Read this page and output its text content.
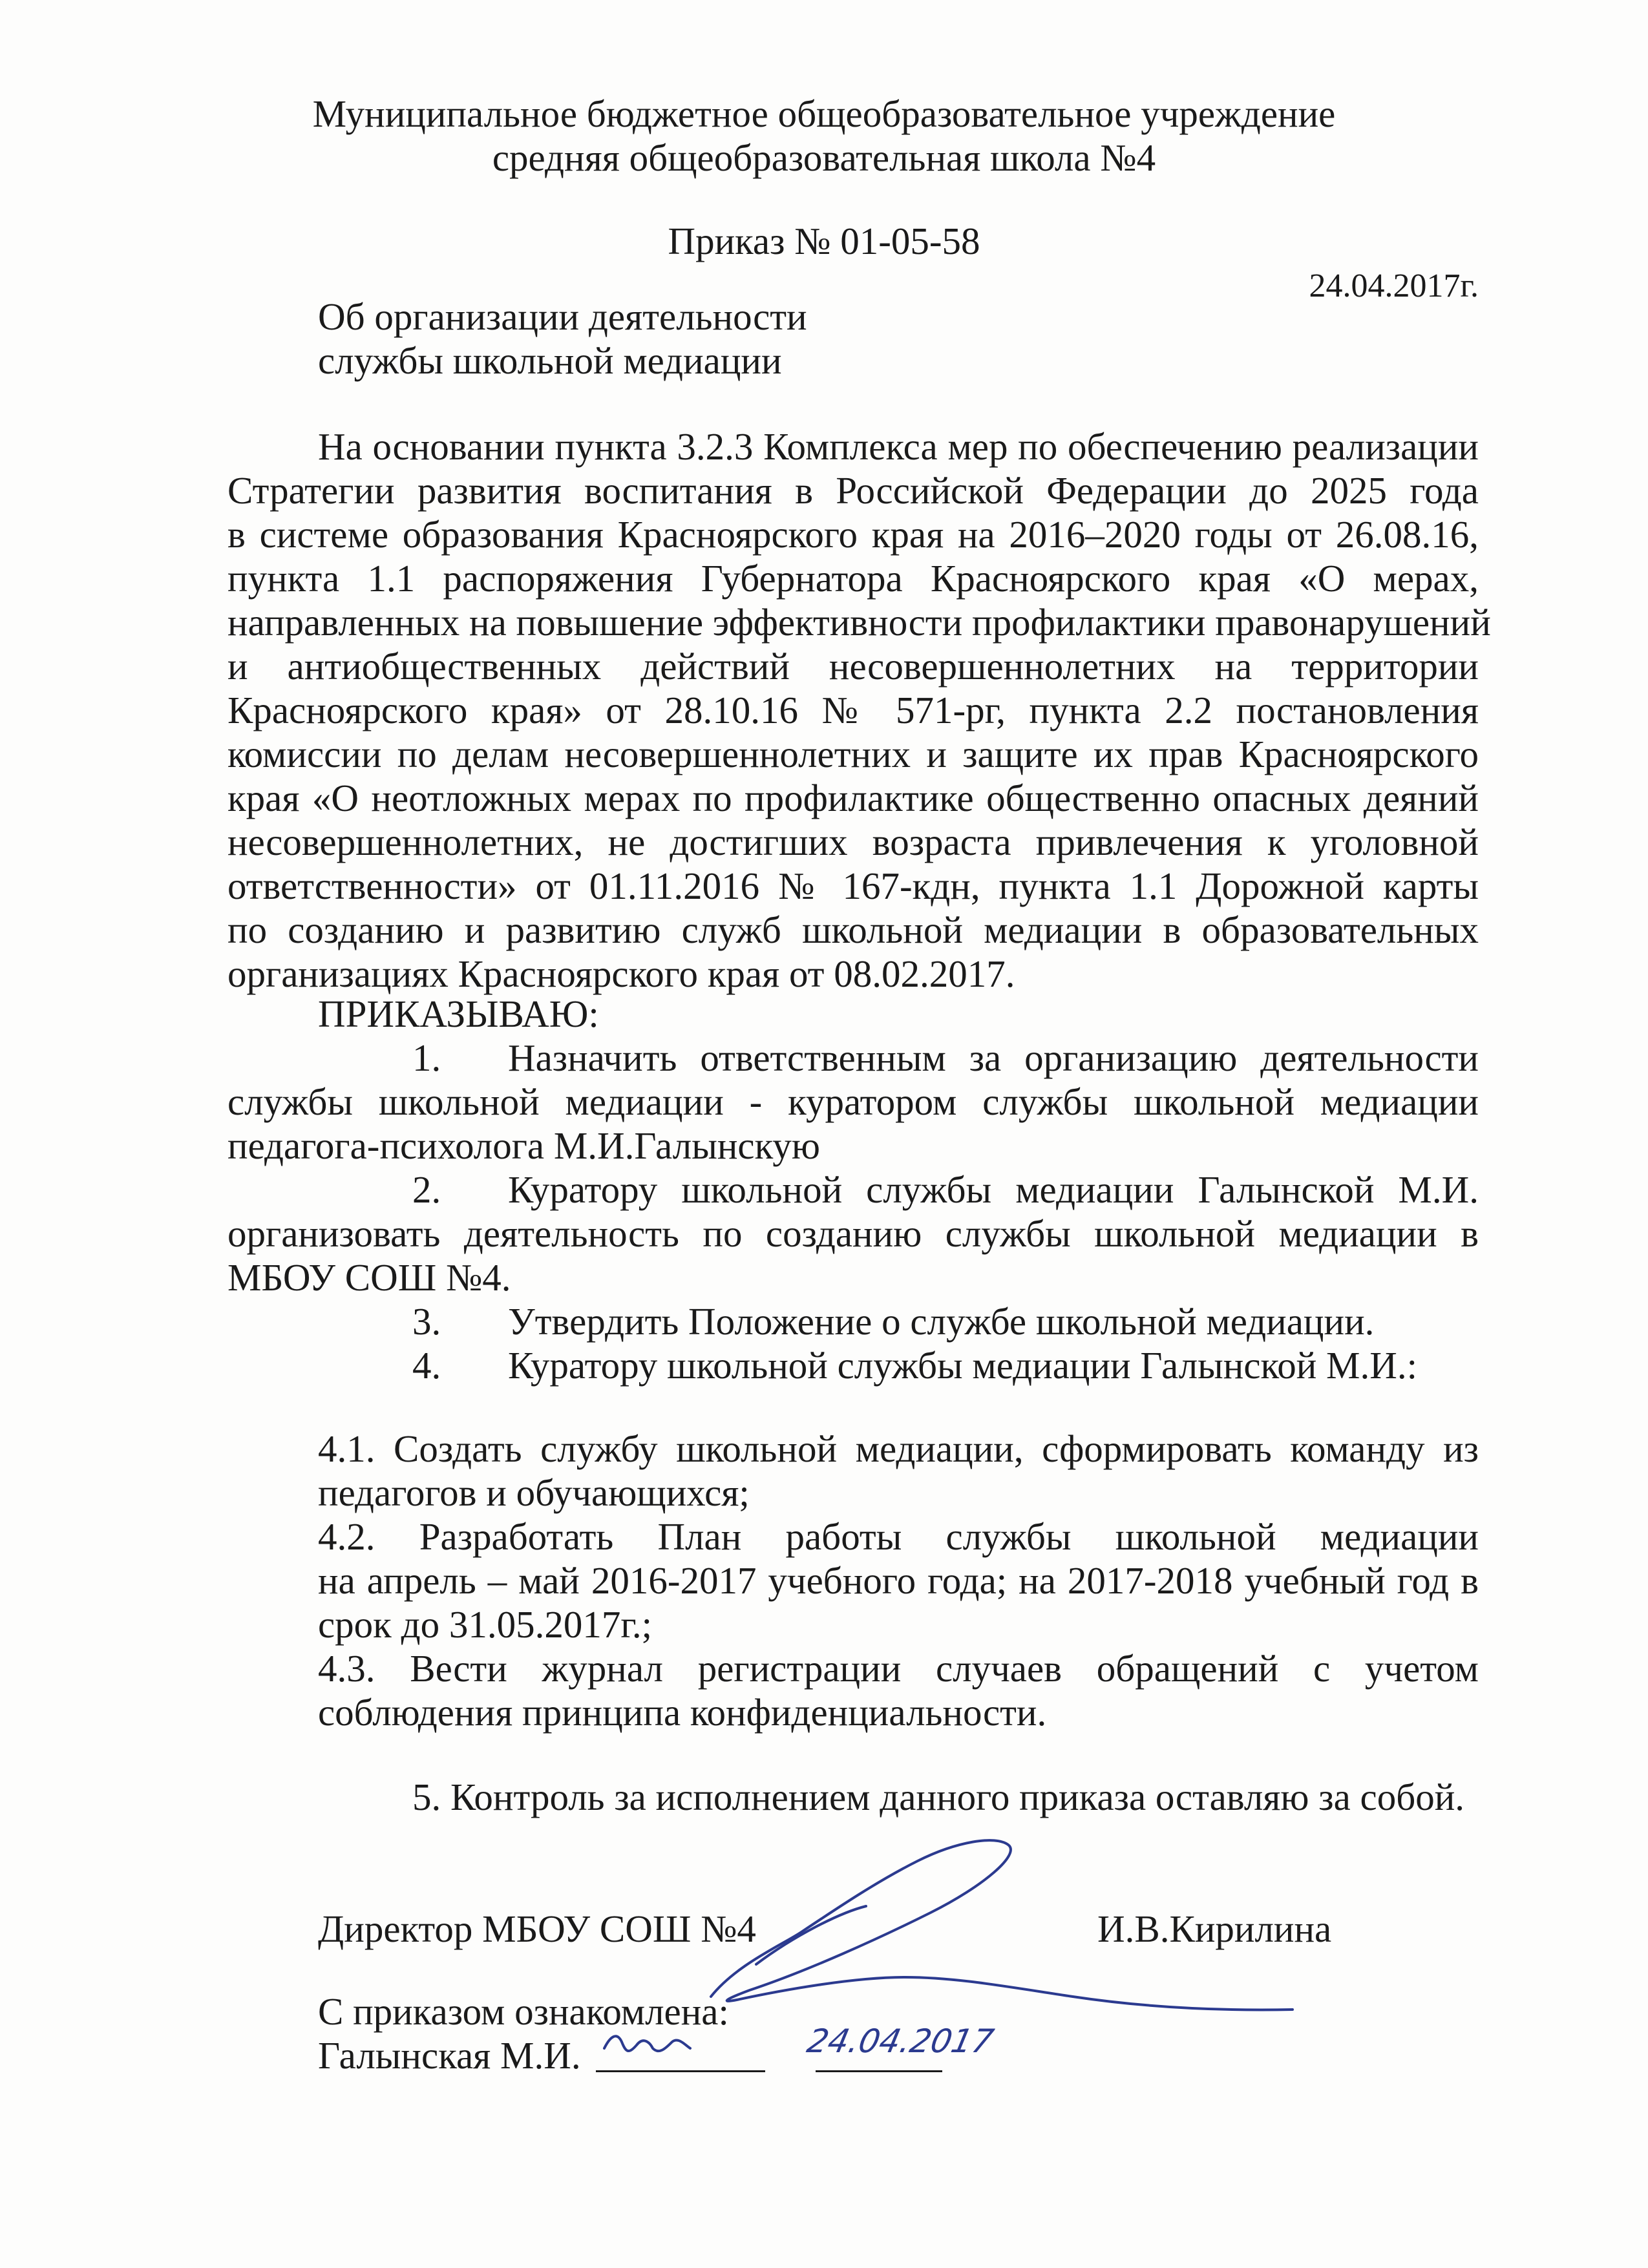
Муниципальное бюджетное общеобразовательное учреждение
средняя общеобразовательная школа №4
Приказ № 01-05-58
24.04.2017г.
Об организации деятельности
службы школьной медиации
На основании пункта 3.2.3 Комплекса мер по обеспечению реализации
Стратегии развития воспитания в Российской Федерации до 2025 года
в системе образования Красноярского края на 2016–2020 годы от 26.08.16,
пункта 1.1 распоряжения Губернатора Красноярского края «О мерах,
направленных на повышение эффективности профилактики правонарушений
и антиобщественных действий несовершеннолетних на территории
Красноярского края» от 28.10.16 № 571-рг, пункта 2.2 постановления
комиссии по делам несовершеннолетних и защите их прав Красноярского
края «О неотложных мерах по профилактике общественно опасных деяний
несовершеннолетних, не достигших возраста привлечения к уголовной
ответственности» от 01.11.2016 № 167-кдн, пункта 1.1 Дорожной карты
по созданию и развитию служб школьной медиации в образовательных
организациях Красноярского края от 08.02.2017.
ПРИКАЗЫВАЮ:
1. Назначить ответственным за организацию деятельности
службы школьной медиации - куратором службы школьной медиации
педагога-психолога М.И.Галынскую
2. Куратору школьной службы медиации Галынской М.И.
организовать деятельность по созданию службы школьной медиации в
МБОУ СОШ №4.
3. Утвердить Положение о службе школьной медиации.
4. Куратору школьной службы медиации Галынской М.И.:
4.1. Создать службу школьной медиации, сформировать команду из
педагогов и обучающихся;
4.2. Разработать План работы службы школьной медиации
на апрель – май 2016-2017 учебного года; на 2017-2018 учебный год в
срок до 31.05.2017г.;
4.3. Вести журнал регистрации случаев обращений с учетом
соблюдения принципа конфиденциальности.
5. Контроль за исполнением данного приказа оставляю за собой.
Директор МБОУ СОШ №4	И.В.Кирилина
С приказом ознакомлена:
Галынская М.И.	24.04.2017
